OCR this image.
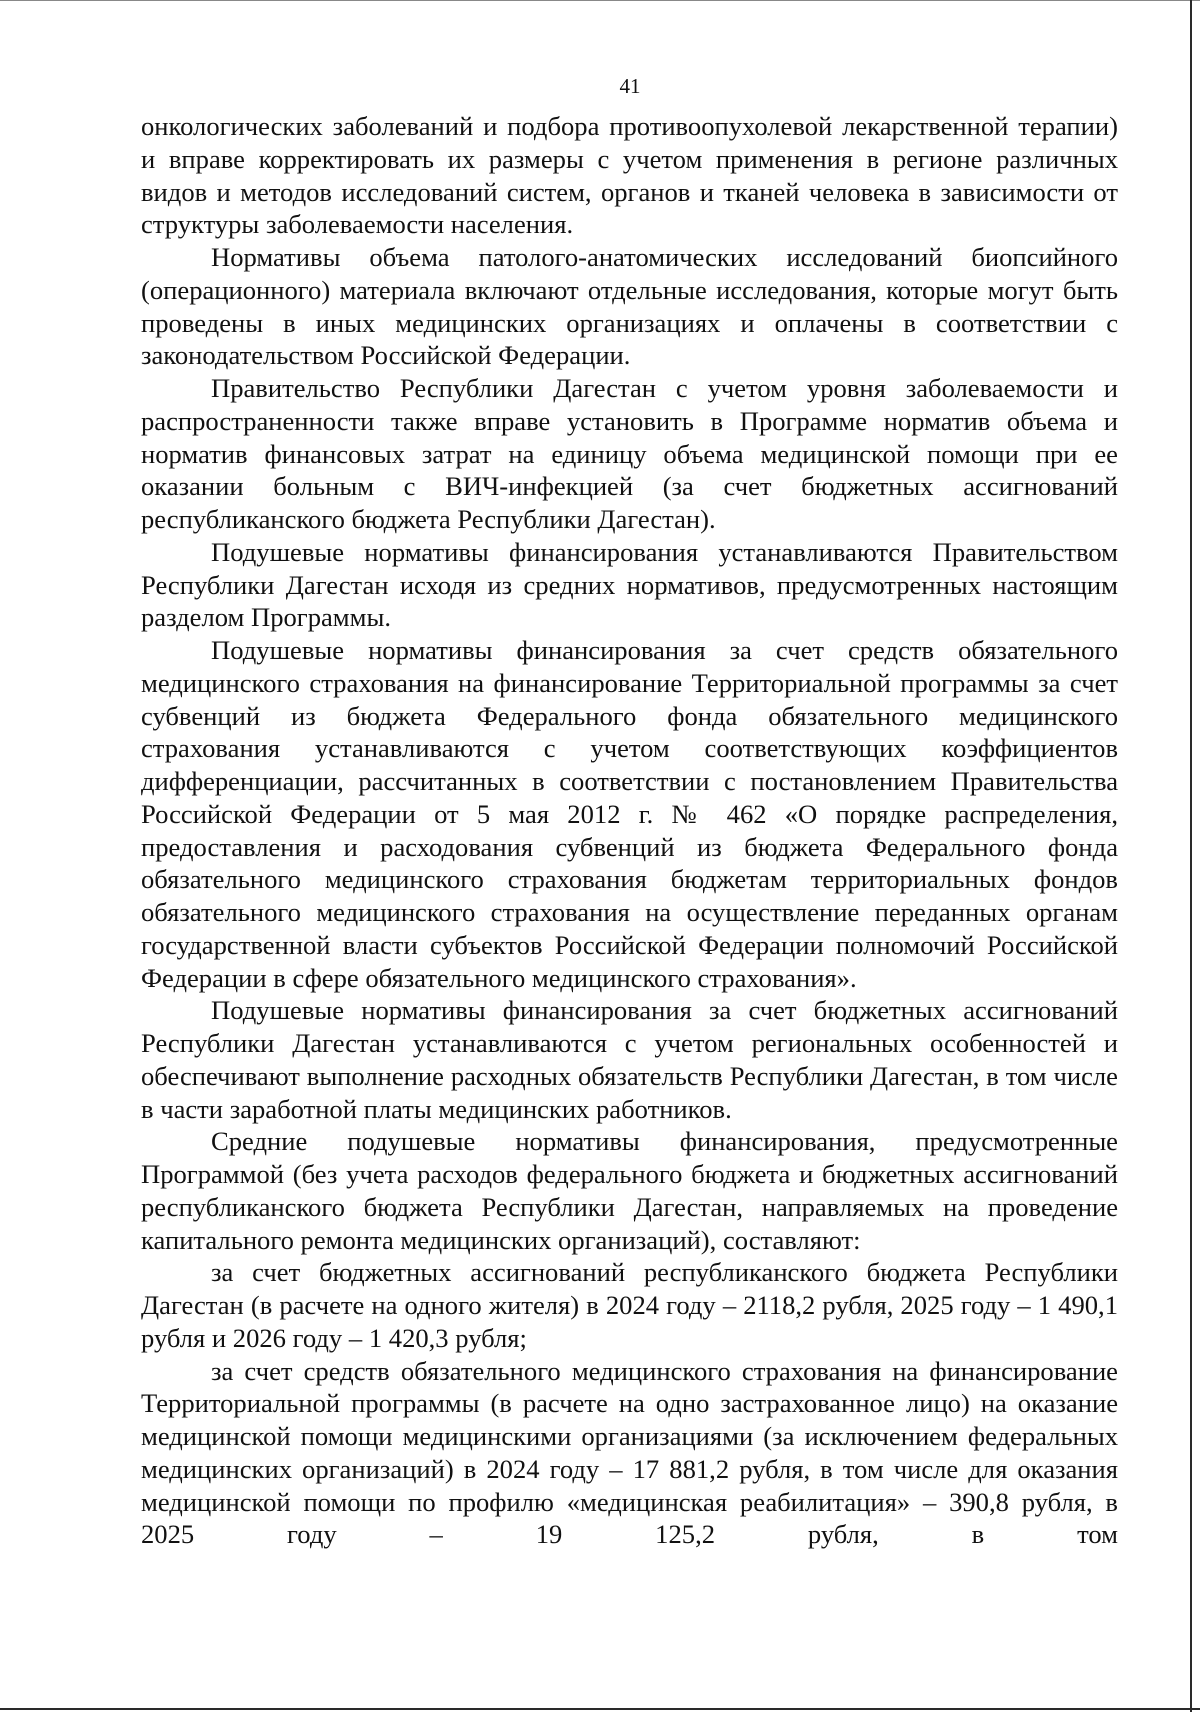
41

онкологических заболеваний и подбора противоопухолевой лекарственной терапии) и вправе корректировать их размеры с учетом применения в регионе различных видов и методов исследований систем, органов и тканей человека в зависимости от структуры заболеваемости населения.

Нормативы объема патолого-анатомических исследований биопсийного (операционного) материала включают отдельные исследования, которые могут быть проведены в иных медицинских организациях и оплачены в соответствии с законодательством Российской Федерации.

Правительство Республики Дагестан с учетом уровня заболеваемости и распространенности также вправе установить в Программе норматив объема и норматив финансовых затрат на единицу объема медицинской помощи при ее оказании больным с ВИЧ-инфекцией (за счет бюджетных ассигнований республиканского бюджета Республики Дагестан).

Подушевые нормативы финансирования устанавливаются Правительством Республики Дагестан исходя из средних нормативов, предусмотренных настоящим разделом Программы.

Подушевые нормативы финансирования за счет средств обязательного медицинского страхования на финансирование Территориальной программы за счет субвенций из бюджета Федерального фонда обязательного медицинского страхования устанавливаются с учетом соответствующих коэффициентов дифференциации, рассчитанных в соответствии с постановлением Правительства Российской Федерации от 5 мая 2012 г. № 462 «О порядке распределения, предоставления и расходования субвенций из бюджета Федерального фонда обязательного медицинского страхования бюджетам территориальных фондов обязательного медицинского страхования на осуществление переданных органам государственной власти субъектов Российской Федерации полномочий Российской Федерации в сфере обязательного медицинского страхования».

Подушевые нормативы финансирования за счет бюджетных ассигнований Республики Дагестан устанавливаются с учетом региональных особенностей и обеспечивают выполнение расходных обязательств Республики Дагестан, в том числе в части заработной платы медицинских работников.

Средние подушевые нормативы финансирования, предусмотренные Программой (без учета расходов федерального бюджета и бюджетных ассигнований республиканского бюджета Республики Дагестан, направляемых на проведение капитального ремонта медицинских организаций), составляют:

за счет бюджетных ассигнований республиканского бюджета Республики Дагестан (в расчете на одного жителя) в 2024 году – 2118,2 рубля, 2025 году – 1 490,1 рубля и 2026 году – 1 420,3 рубля;

за счет средств обязательного медицинского страхования на финансирование Территориальной программы (в расчете на одно застрахованное лицо) на оказание медицинской помощи медицинскими организациями (за исключением федеральных медицинских организаций) в 2024 году – 17 881,2 рубля, в том числе для оказания медицинской помощи по профилю «медицинская реабилитация» – 390,8 рубля, в 2025 году – 19 125,2 рубля, в том
